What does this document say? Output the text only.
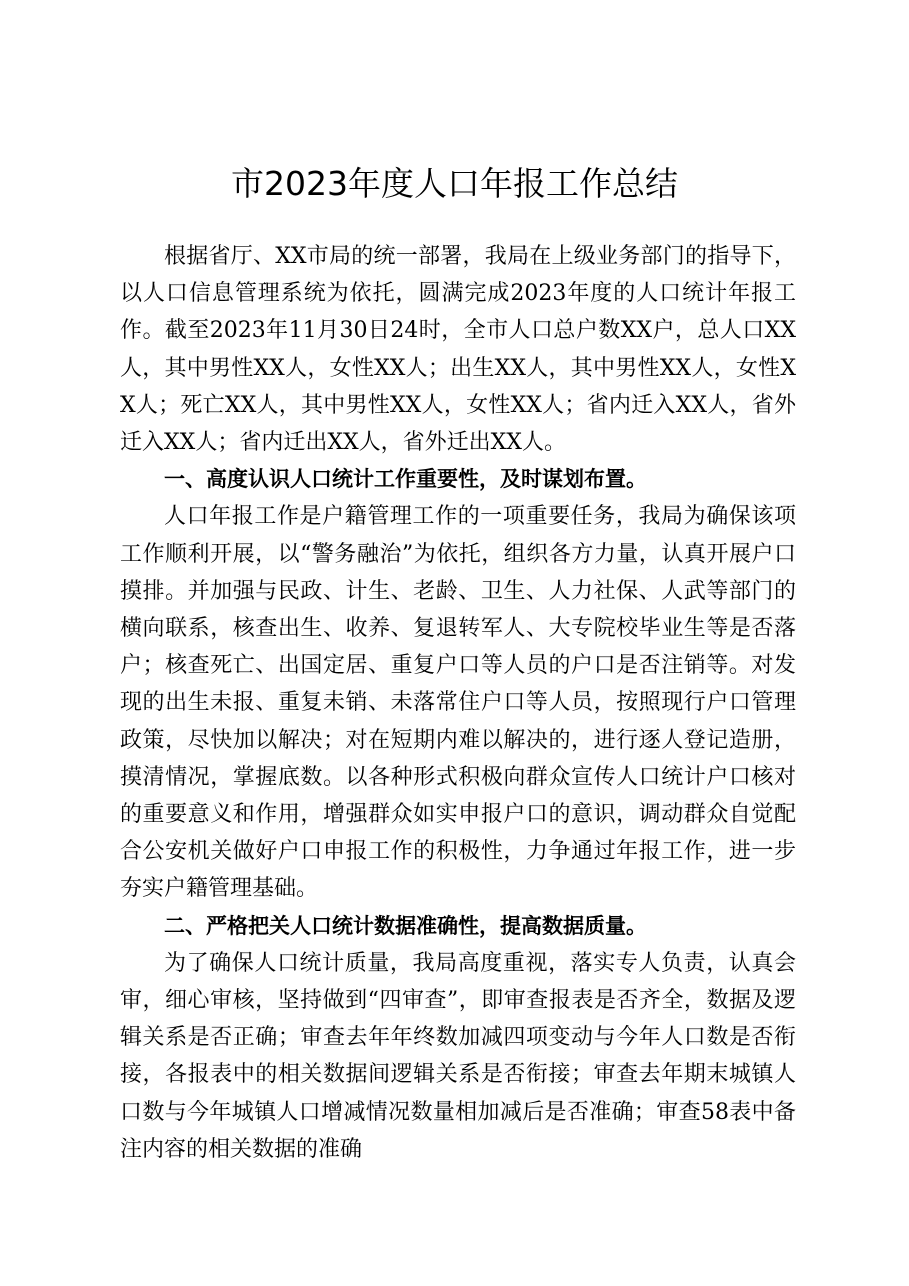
市2023年度人口年报工作总结

根据省厅、XX市局的统一部署，我局在上级业务部门的指导下，以人口信息管理系统为依托，圆满完成2023年度的人口统计年报工作。截至2023年11月30日24时，全市人口总户数XX户，总人口XX人，其中男性XX人，女性XX人；出生XX人，其中男性XX人，女性XX人；死亡XX人，其中男性XX人，女性XX人；省内迁入XX人，省外迁入XX人；省内迁出XX人，省外迁出XX人。

一、高度认识人口统计工作重要性，及时谋划布置。

人口年报工作是户籍管理工作的一项重要任务，我局为确保该项工作顺利开展，以“警务融治”为依托，组织各方力量，认真开展户口摸排。并加强与民政、计生、老龄、卫生、人力社保、人武等部门的横向联系，核查出生、收养、复退转军人、大专院校毕业生等是否落户；核查死亡、出国定居、重复户口等人员的户口是否注销等。对发现的出生未报、重复未销、未落常住户口等人员，按照现行户口管理政策，尽快加以解决；对在短期内难以解决的，进行逐人登记造册，摸清情况，掌握底数。以各种形式积极向群众宣传人口统计户口核对的重要意义和作用，增强群众如实申报户口的意识，调动群众自觉配合公安机关做好户口申报工作的积极性，力争通过年报工作，进一步夯实户籍管理基础。

二、严格把关人口统计数据准确性，提高数据质量。

为了确保人口统计质量，我局高度重视，落实专人负责，认真会审，细心审核，坚持做到“四审查”，即审查报表是否齐全，数据及逻辑关系是否正确；审查去年年终数加减四项变动与今年人口数是否衔接，各报表中的相关数据间逻辑关系是否衔接；审查去年期末城镇人口数与今年城镇人口增减情况数量相加减后是否准确；审查58表中备注内容的相关数据的准确
